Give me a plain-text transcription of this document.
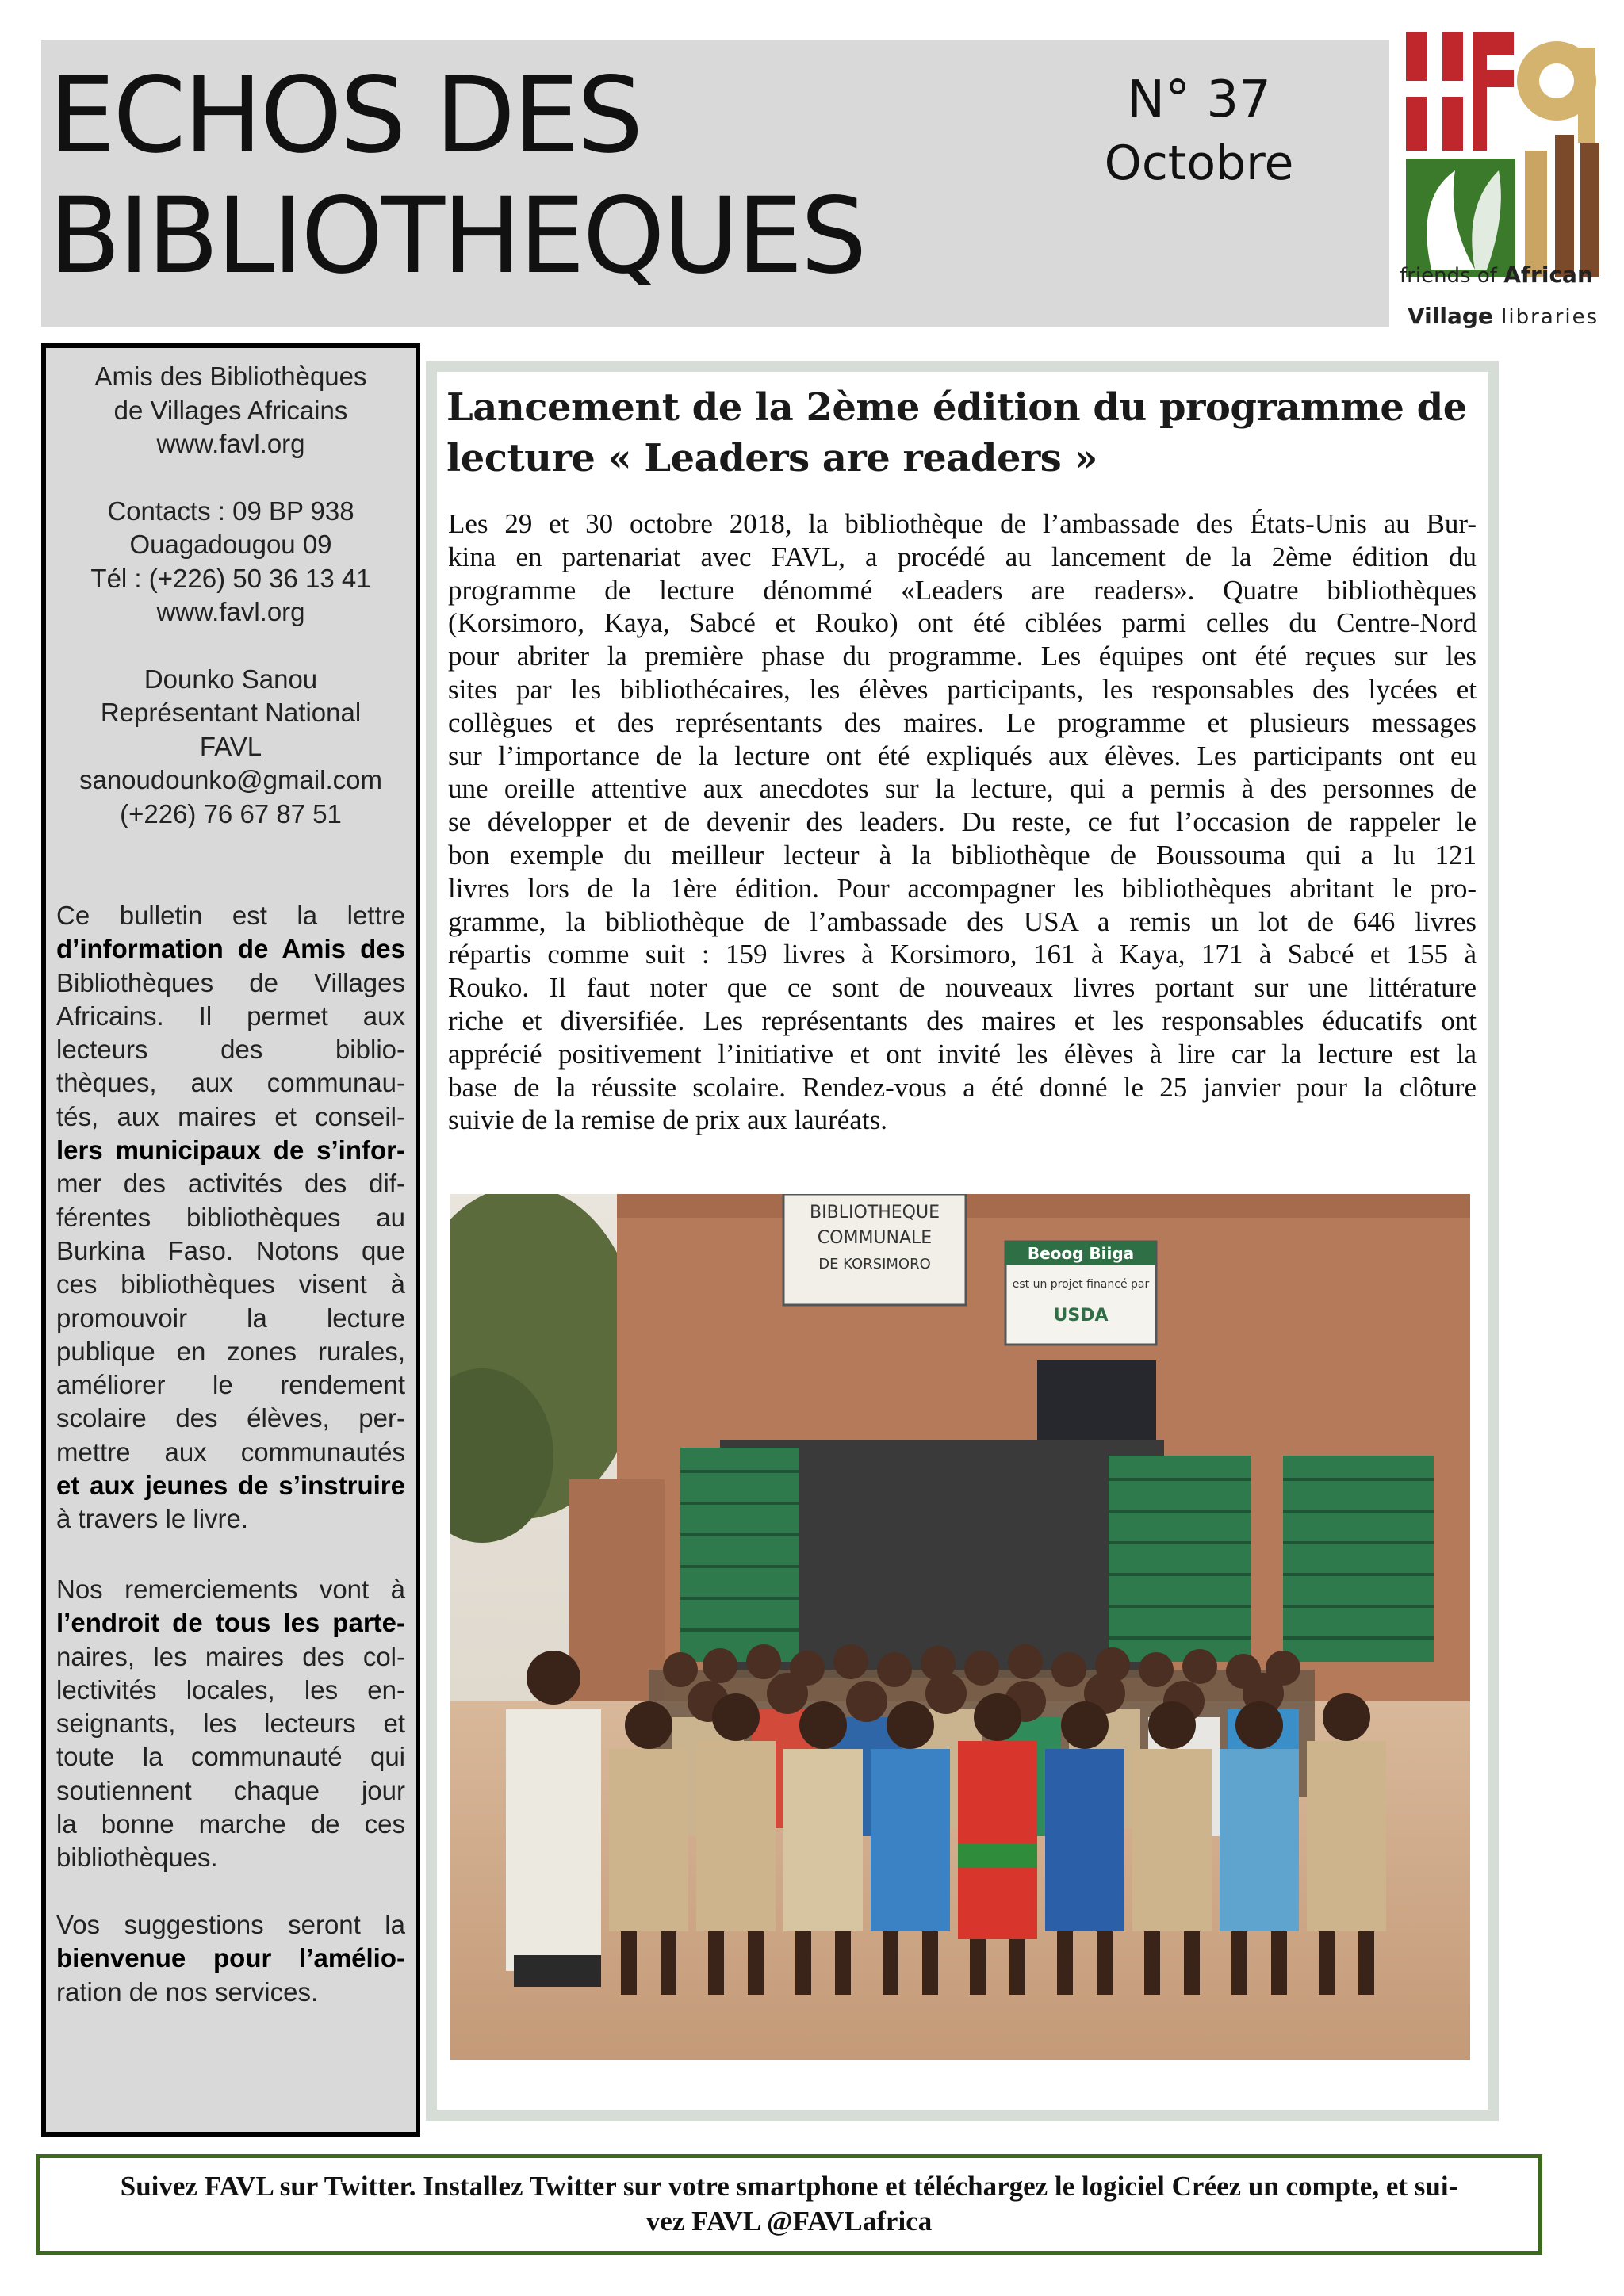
ECHOS DES
BIBLIOTHEQUES
N° 37
Octobre
friends of African
Village libraries
Amis des Bibliothèques
de Villages Africains
www.favl.org
Contacts : 09 BP 938
Ouagadougou 09
Tél : (+226) 50 36 13 41
www.favl.org
Dounko Sanou
Représentant National
FAVL
sanoudounko@gmail.com
(+226) 76 67 87 51
Ce bulletin est la lettre
d’information de Amis des
Bibliothèques de Villages
Africains. Il permet aux
lecteurs des biblio-
thèques, aux communau-
tés, aux maires et conseil-
lers municipaux de s’infor-
mer des activités des dif-
férentes bibliothèques au
Burkina Faso. Notons que
ces bibliothèques visent à
promouvoir la lecture
publique en zones rurales,
améliorer le rendement
scolaire des élèves, per-
mettre aux communautés
et aux jeunes de s’instruire
à travers le livre.
Nos remerciements vont à
l’endroit de tous les parte-
naires, les maires des col-
lectivités locales, les en-
seignants, les lecteurs et
toute la communauté qui
soutiennent chaque jour
la bonne marche de ces
bibliothèques.
Vos suggestions seront la
bienvenue pour l’amélio-
ration de nos services.
Lancement de la 2ème édition du programme de
lecture « Leaders are readers »
Les 29 et 30 octobre 2018, la bibliothèque de l’ambassade des États-Unis au Bur-
kina en partenariat avec FAVL, a procédé au lancement de la 2ème édition du
programme de lecture dénommé «Leaders are readers». Quatre bibliothèques
(Korsimoro, Kaya, Sabcé et Rouko) ont été ciblées parmi celles du Centre-Nord
pour abriter la première phase du programme. Les équipes ont été reçues sur les
sites par les bibliothécaires, les élèves participants, les responsables des lycées et
collègues et des représentants des maires. Le programme et plusieurs messages
sur l’importance de la lecture ont été expliqués aux élèves. Les participants ont eu
une oreille attentive aux anecdotes sur la lecture, qui a permis à des personnes de
se développer et de devenir des leaders. Du reste, ce fut l’occasion de rappeler le
bon exemple du meilleur lecteur à la bibliothèque de Boussouma qui a lu 121
livres lors de la 1ère édition. Pour accompagner les bibliothèques abritant le pro-
gramme, la bibliothèque de l’ambassade des USA a remis un lot de 646 livres
répartis comme suit : 159 livres à Korsimoro, 161 à Kaya, 171 à Sabcé et 155 à
Rouko. Il faut noter que ce sont de nouveaux livres portant sur une littérature
riche et diversifiée. Les représentants des maires et les responsables éducatifs ont
apprécié positivement l’initiative et ont invité les élèves à lire car la lecture est la
base de la réussite scolaire. Rendez-vous a été donné le 25 janvier pour la clôture
suivie de la remise de prix aux lauréats.
BIBLIOTHEQUE
COMMUNALE
DE KORSIMORO
Beoog Biiga
est un projet financé par
USDA
Suivez FAVL sur Twitter. Installez Twitter sur votre smartphone et téléchargez le logiciel Créez un compte, et sui-
vez FAVL @FAVLafrica
